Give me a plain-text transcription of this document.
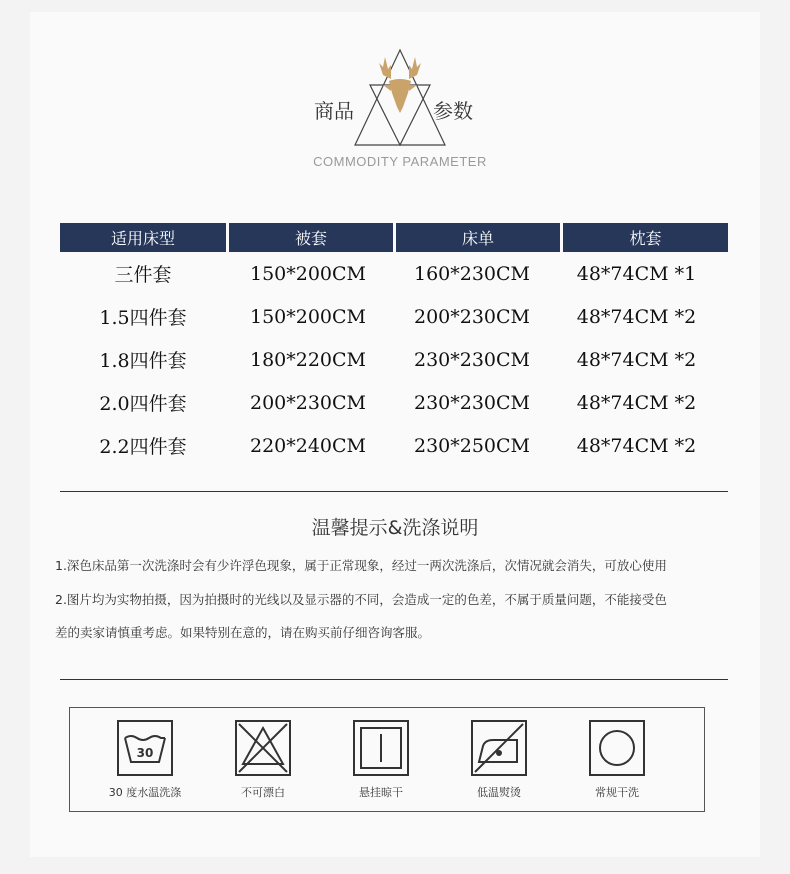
商品	参数
COMMODITY PARAMETER
适用床型	被套	床单	枕套
三件套	150*200CM	160*230CM	48*74CM *1
1.5四件套	150*200CM	200*230CM	48*74CM *2
1.8四件套	180*220CM	230*230CM	48*74CM *2
2.0四件套	200*230CM	230*230CM	48*74CM *2
2.2四件套	220*240CM	230*250CM	48*74CM *2
温馨提示&洗涤说明
1.深色床品第一次洗涤时会有少许浮色现象，属于正常现象，经过一两次洗涤后，次情况就会消失，可放心使用
2.图片均为实物拍摄，因为拍摄时的光线以及显示器的不同，会造成一定的色差，不属于质量问题，不能接受色
差的卖家请慎重考虑。如果特别在意的，请在购买前仔细咨询客服。
30
30 度水温洗涤	不可漂白	悬挂晾干	低温熨烫	常规干洗
